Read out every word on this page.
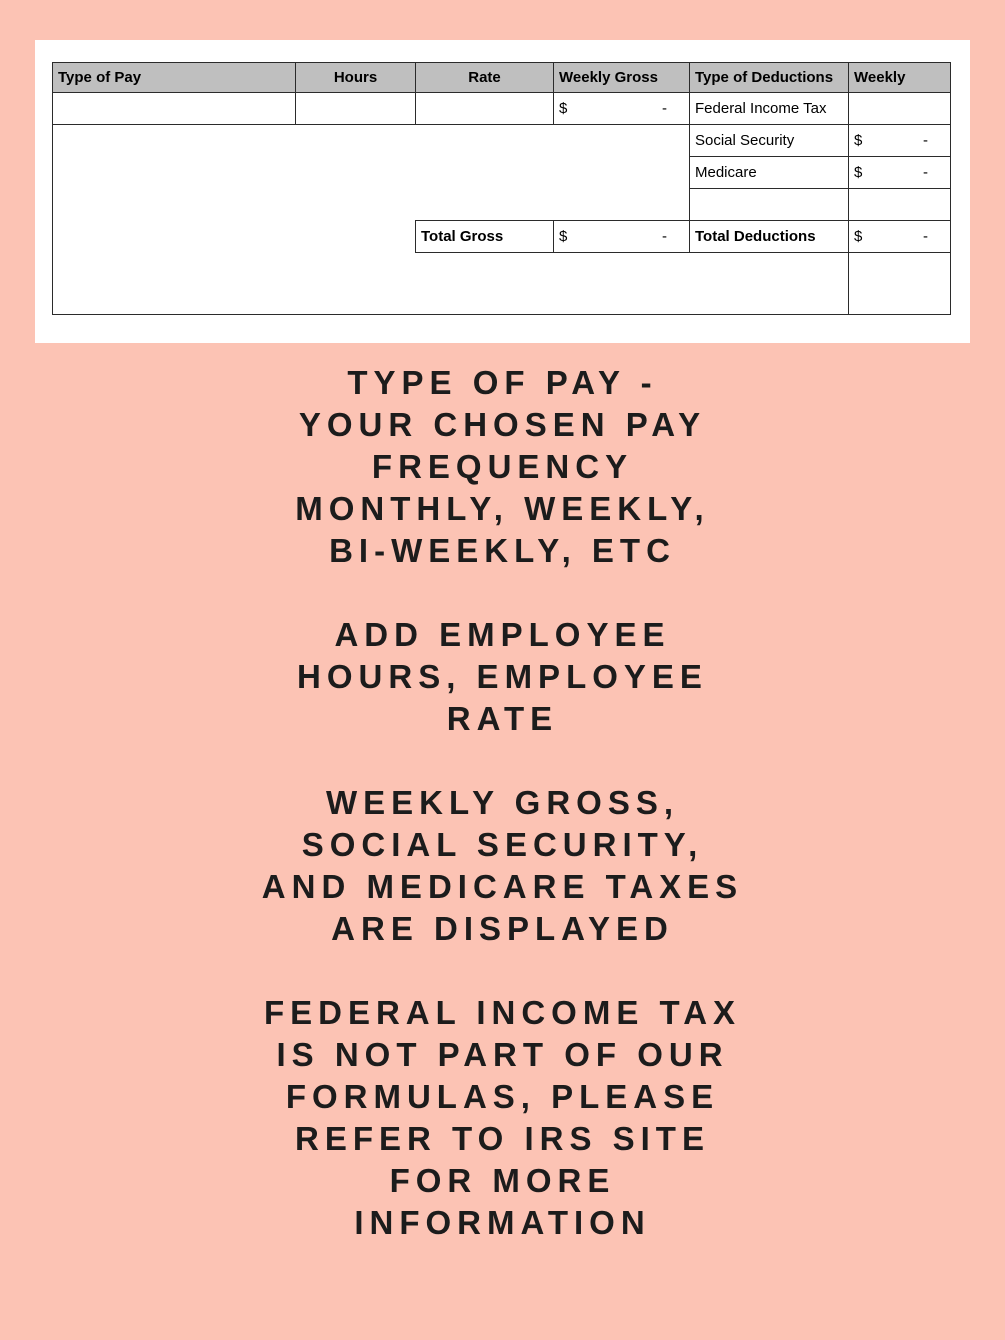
Type of Pay	Hours	Rate	Weekly Gross	Type of Deductions	Weekly

			$ -	Federal Income Tax	
				Social Security	$ -

				Medicare	$ -

		Total Gross	$ -	Total Deductions	$ -

TYPE OF PAY -
YOUR CHOSEN PAY
FREQUENCY
MONTHLY, WEEKLY,
BI-WEEKLY, ETC
ADD EMPLOYEE
HOURS, EMPLOYEE
RATE
WEEKLY GROSS,
SOCIAL SECURITY,
AND MEDICARE TAXES
ARE DISPLAYED
FEDERAL INCOME TAX
IS NOT PART OF OUR
FORMULAS, PLEASE
REFER TO IRS SITE
FOR MORE
INFORMATION
